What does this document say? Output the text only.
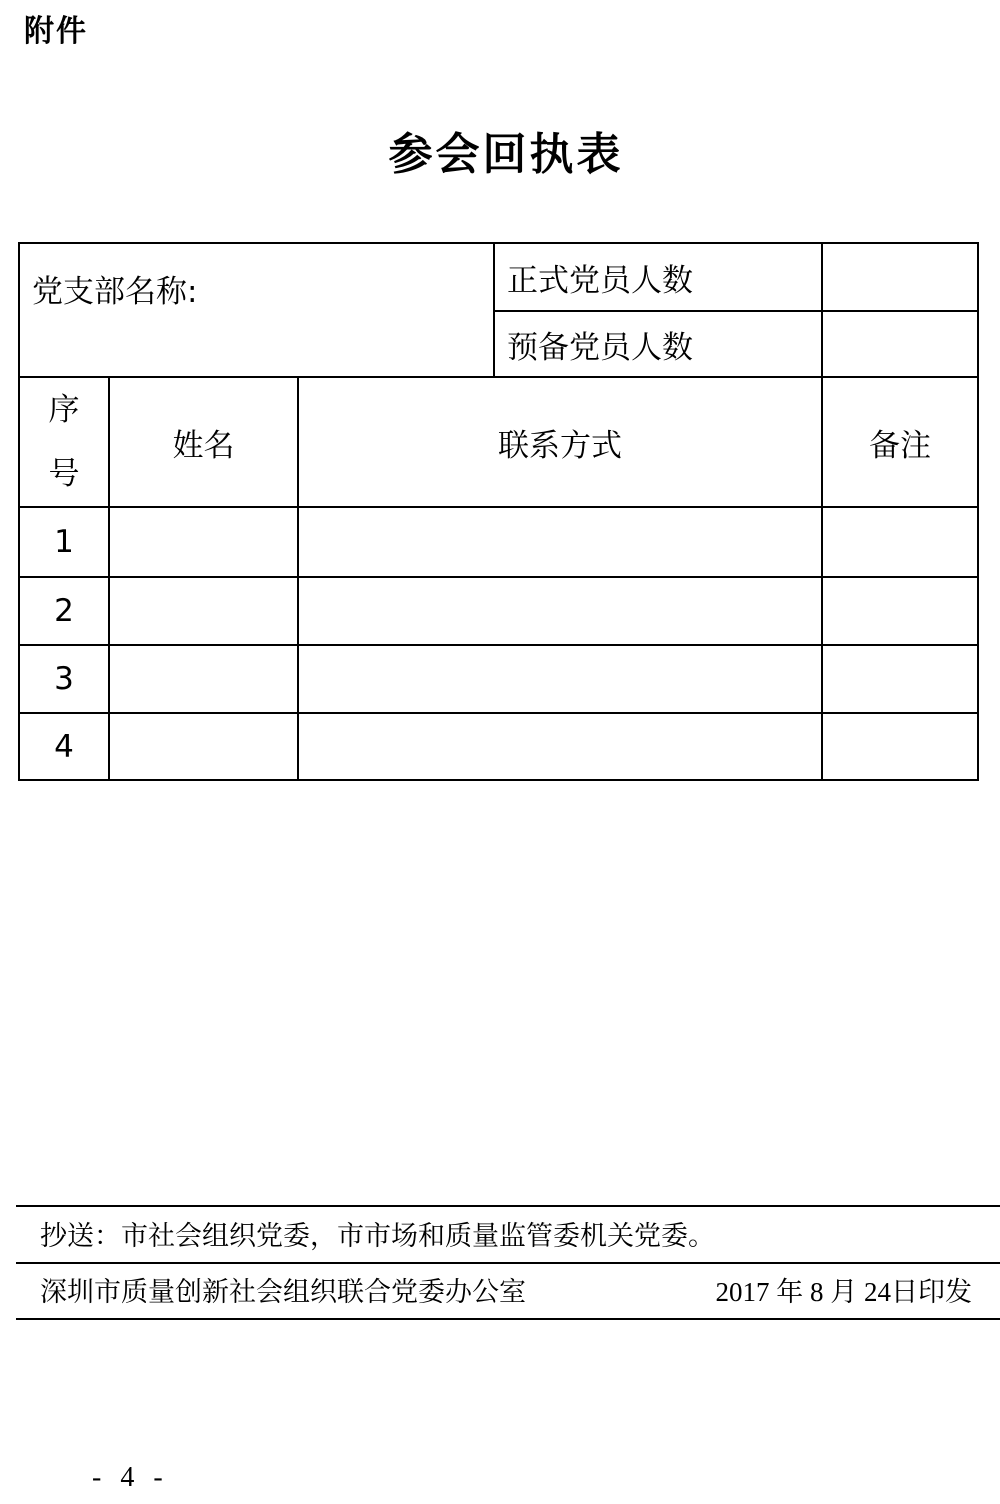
附件
参会回执表
党支部名称:			正式党员人数	
			预备党员人数	

序
号	姓名	联系方式		备注
1				
2				
3				
4				
抄送：市社会组织党委，市市场和质量监管委机关党委。
深圳市质量创新社会组织联合党委办公室	2017 年 8 月 24日印发
- 4 -
